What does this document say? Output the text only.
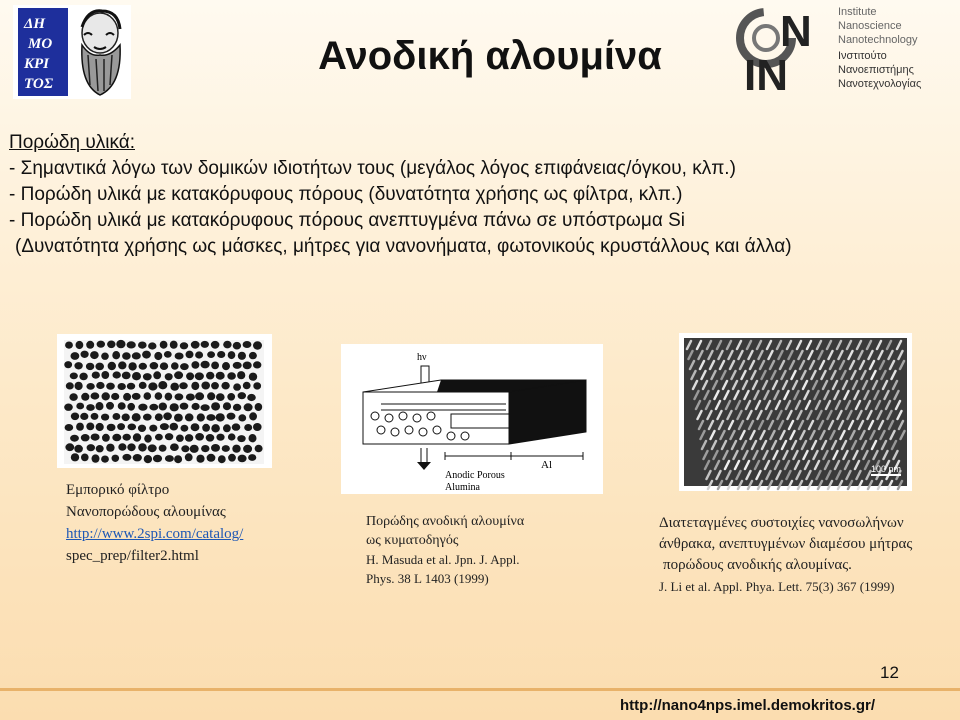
ΔΗ
ΜΟ
ΚΡΙ
ΤΟΣ
Ανοδική αλουμίνα	N
IN
Institute
Nanoscience
Nanotechnology
Ινστιτούτο
Νανοεπιστήμης
Νανοτεχνολογίας
Πορώδη υλικά:
- Σημαντικά λόγω των δομικών ιδιοτήτων τους (μεγάλος λόγος επιφάνειας/όγκου, κλπ.)
- Πορώδη υλικά με κατακόρυφους πόρους (δυνατότητα χρήσης ως φίλτρα, κλπ.)
- Πορώδη υλικά με κατακόρυφους πόρους ανεπτυγμένα πάνω σε υπόστρωμα Si
(Δυνατότητα χρήσης ως μάσκες, μήτρες για νανονήματα, φωτονικούς κρυστάλλους και άλλα)
Εμπορικό φίλτρο
Νανοπορώδους αλουμίνας
http://www.2spi.com/catalog/
spec_prep/filter2.html
hν
Al
Anodic Porous
Alumina
Πορώδης ανοδική αλουμίνα
ως κυματοδηγός
H. Masuda et al. Jpn. J. Appl.
Phys. 38 L 1403 (1999)
100 nm
Διατεταγμένες συστοιχίες νανοσωλήνων
άνθρακα, ανεπτυγμένων διαμέσου μήτρας
πορώδους ανοδικής αλουμίνας.
J. Li et al. Appl. Phya. Lett. 75(3) 367 (1999)
12
http://nano4nps.imel.demokritos.gr/
